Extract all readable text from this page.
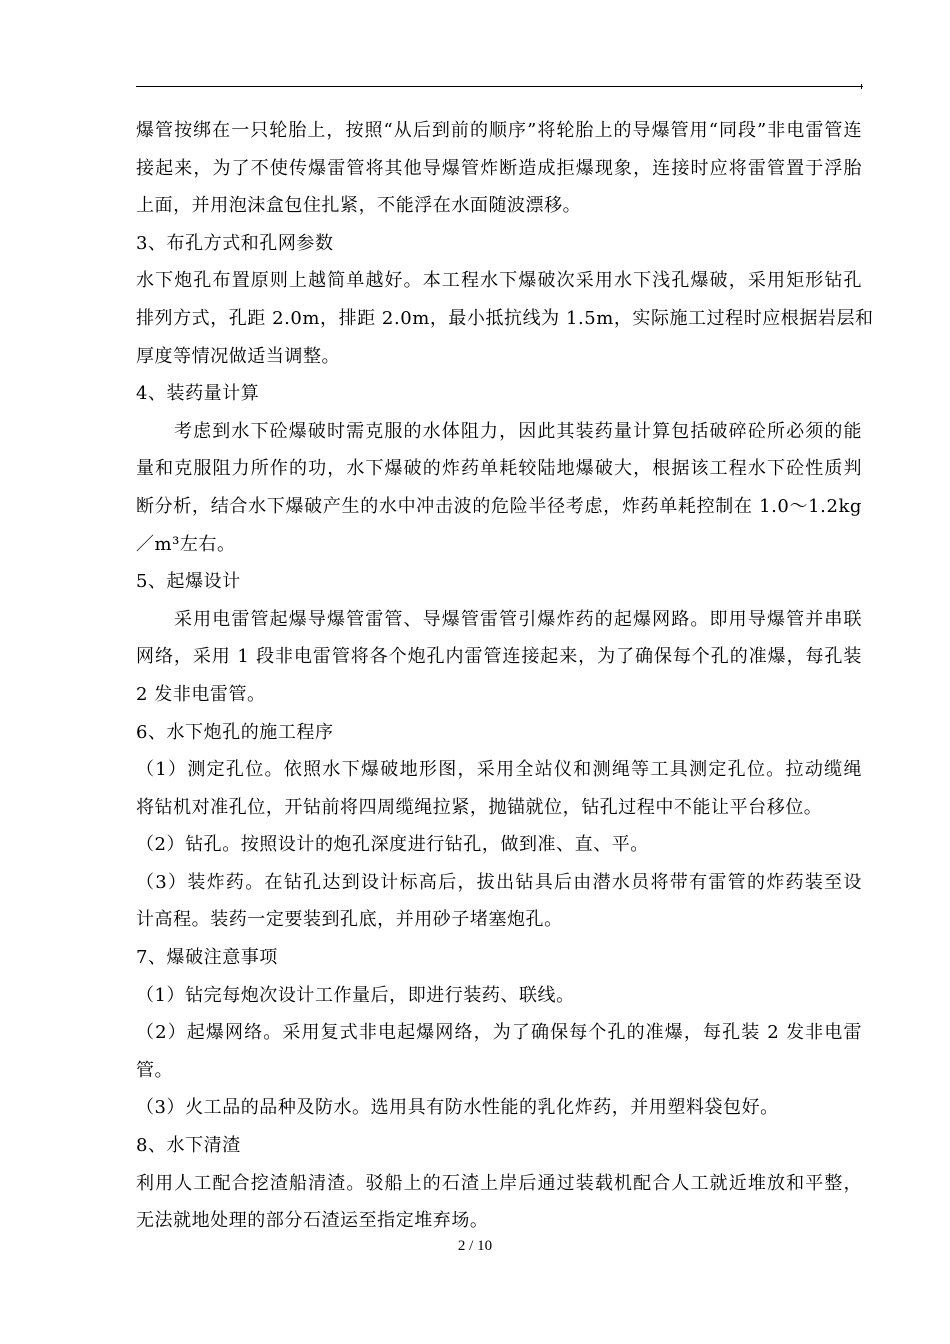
爆管按绑在一只轮胎上，按照“从后到前的顺序”将轮胎上的导爆管用“同段”非电雷管连
接起来，为了不使传爆雷管将其他导爆管炸断造成拒爆现象，连接时应将雷管置于浮胎
上面，并用泡沫盒包住扎紧，不能浮在水面随波漂移。
3、布孔方式和孔网参数
水下炮孔布置原则上越简单越好。本工程水下爆破次采用水下浅孔爆破，采用矩形钻孔
排列方式，孔距 2.0m，排距 2.0m，最小抵抗线为 1.5m，实际施工过程时应根据岩层和
厚度等情况做适当调整。
4、装药量计算
考虑到水下砼爆破时需克服的水体阻力，因此其装药量计算包括破碎砼所必须的能
量和克服阻力所作的功，水下爆破的炸药单耗较陆地爆破大，根据该工程水下砼性质判
断分析，结合水下爆破产生的水中冲击波的危险半径考虑，炸药单耗控制在 1.0～1.2kg
／m³左右。
5、起爆设计
采用电雷管起爆导爆管雷管、导爆管雷管引爆炸药的起爆网路。即用导爆管并串联
网络，采用 1 段非电雷管将各个炮孔内雷管连接起来，为了确保每个孔的准爆，每孔装
2 发非电雷管。
6、水下炮孔的施工程序
（1）测定孔位。依照水下爆破地形图，采用全站仪和测绳等工具测定孔位。拉动缆绳
将钻机对准孔位，开钻前将四周缆绳拉紧，抛锚就位，钻孔过程中不能让平台移位。
（2）钻孔。按照设计的炮孔深度进行钻孔，做到准、直、平。
（3）装炸药。在钻孔达到设计标高后，拔出钻具后由潜水员将带有雷管的炸药装至设
计高程。装药一定要装到孔底，并用砂子堵塞炮孔。
7、爆破注意事项
（1）钻完每炮次设计工作量后，即进行装药、联线。
（2）起爆网络。采用复式非电起爆网络，为了确保每个孔的准爆，每孔装 2 发非电雷
管。
（3）火工品的品种及防水。选用具有防水性能的乳化炸药，并用塑料袋包好。
8、水下清渣
利用人工配合挖渣船清渣。驳船上的石渣上岸后通过装载机配合人工就近堆放和平整，
无法就地处理的部分石渣运至指定堆弃场。
2 / 10
